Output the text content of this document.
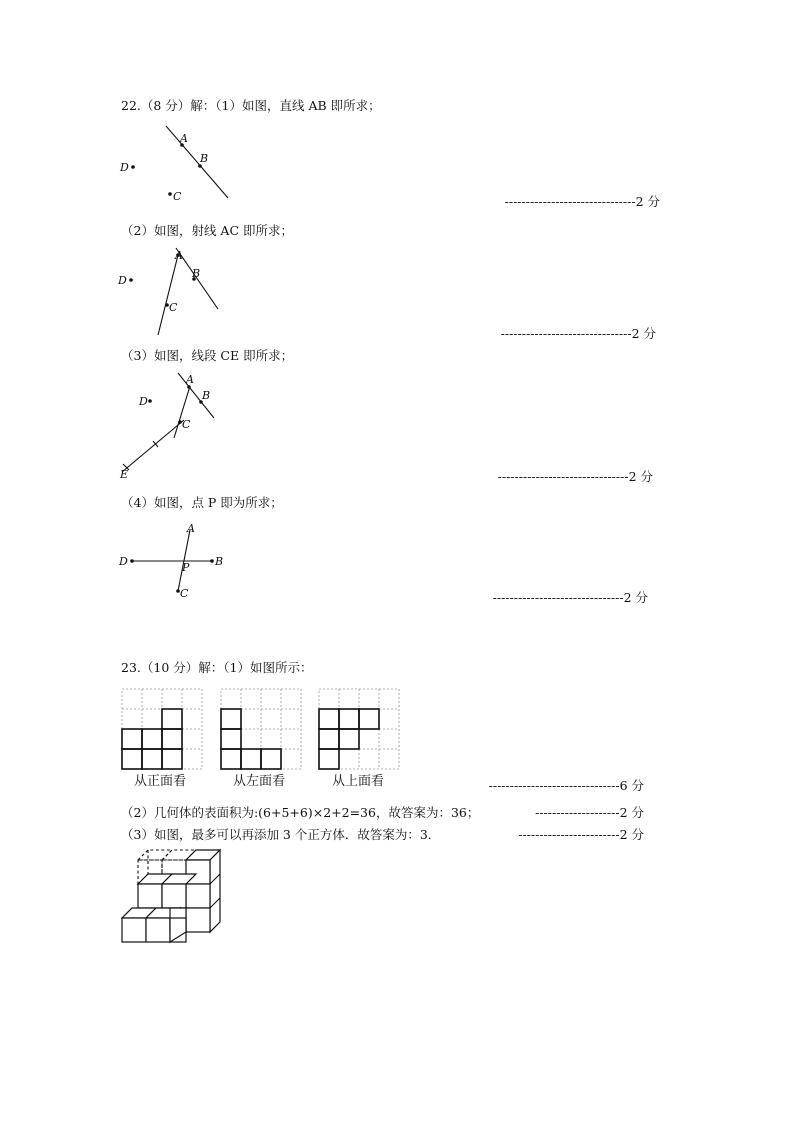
22.（8 分）解：（1）如图，直线 AB 即所求；
A
B
C
D
-------------------------------2 分
（2）如图，射线 AC 即所求；
A
B
C
D
-------------------------------2 分
（3）如图，线段 CE 即所求；
A
B
C
D
E	-------------------------------2 分
（4）如图，点 P 即为所求；
A
B
C
D	P
-------------------------------2 分
23.（10 分）解：（1）如图所示：
从正面看	从左面看	从上面看	-------------------------------6 分
（2）几何体的表面积为:(6+5+6)×2+2=36，故答案为：36；	--------------------2 分
（3）如图，最多可以再添加 3 个正方体．故答案为：3．	------------------------2 分
